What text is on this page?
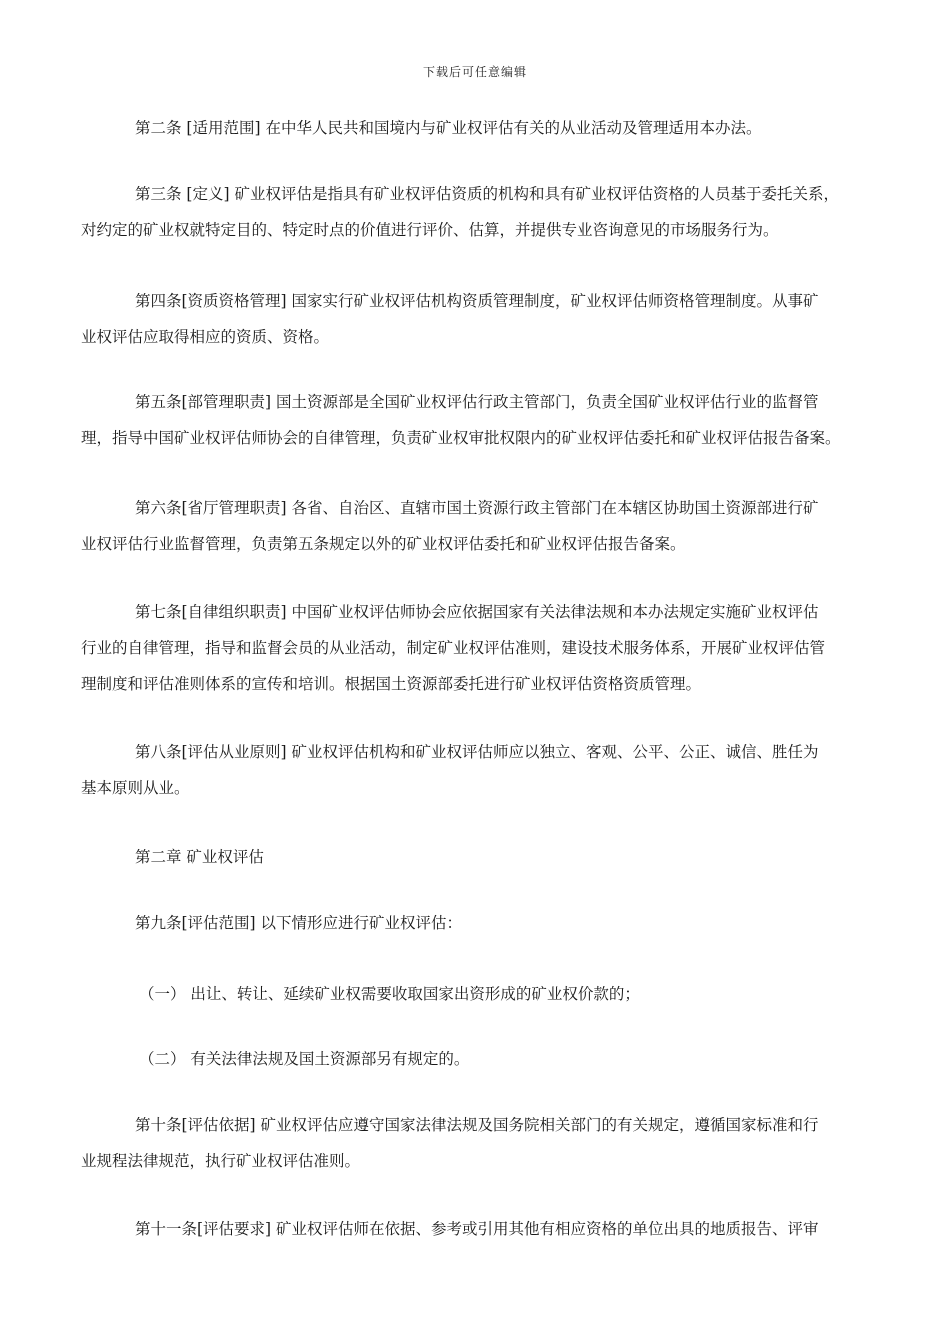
下载后可任意编辑

第二条 [适用范围] 在中华人民共和国境内与矿业权评估有关的从业活动及管理适用本办法。

第三条 [定义] 矿业权评估是指具有矿业权评估资质的机构和具有矿业权评估资格的人员基于委托关系，
对约定的矿业权就特定目的、特定时点的价值进行评价、估算，并提供专业咨询意见的市场服务行为。

第四条[资质资格管理] 国家实行矿业权评估机构资质管理制度，矿业权评估师资格管理制度。从事矿
业权评估应取得相应的资质、资格。

第五条[部管理职责] 国土资源部是全国矿业权评估行政主管部门，负责全国矿业权评估行业的监督管
理，指导中国矿业权评估师协会的自律管理，负责矿业权审批权限内的矿业权评估委托和矿业权评估报告备案。

第六条[省厅管理职责] 各省、自治区、直辖市国土资源行政主管部门在本辖区协助国土资源部进行矿
业权评估行业监督管理，负责第五条规定以外的矿业权评估委托和矿业权评估报告备案。

第七条[自律组织职责] 中国矿业权评估师协会应依据国家有关法律法规和本办法规定实施矿业权评估
行业的自律管理，指导和监督会员的从业活动，制定矿业权评估准则，建设技术服务体系，开展矿业权评估管
理制度和评估准则体系的宣传和培训。根据国土资源部委托进行矿业权评估资格资质管理。

第八条[评估从业原则] 矿业权评估机构和矿业权评估师应以独立、客观、公平、公正、诚信、胜任为
基本原则从业。

第二章 矿业权评估

第九条[评估范围] 以下情形应进行矿业权评估：

（一） 出让、转让、延续矿业权需要收取国家出资形成的矿业权价款的；

（二） 有关法律法规及国土资源部另有规定的。

第十条[评估依据] 矿业权评估应遵守国家法律法规及国务院相关部门的有关规定，遵循国家标准和行
业规程法律规范，执行矿业权评估准则。

第十一条[评估要求] 矿业权评估师在依据、参考或引用其他有相应资格的单位出具的地质报告、评审
